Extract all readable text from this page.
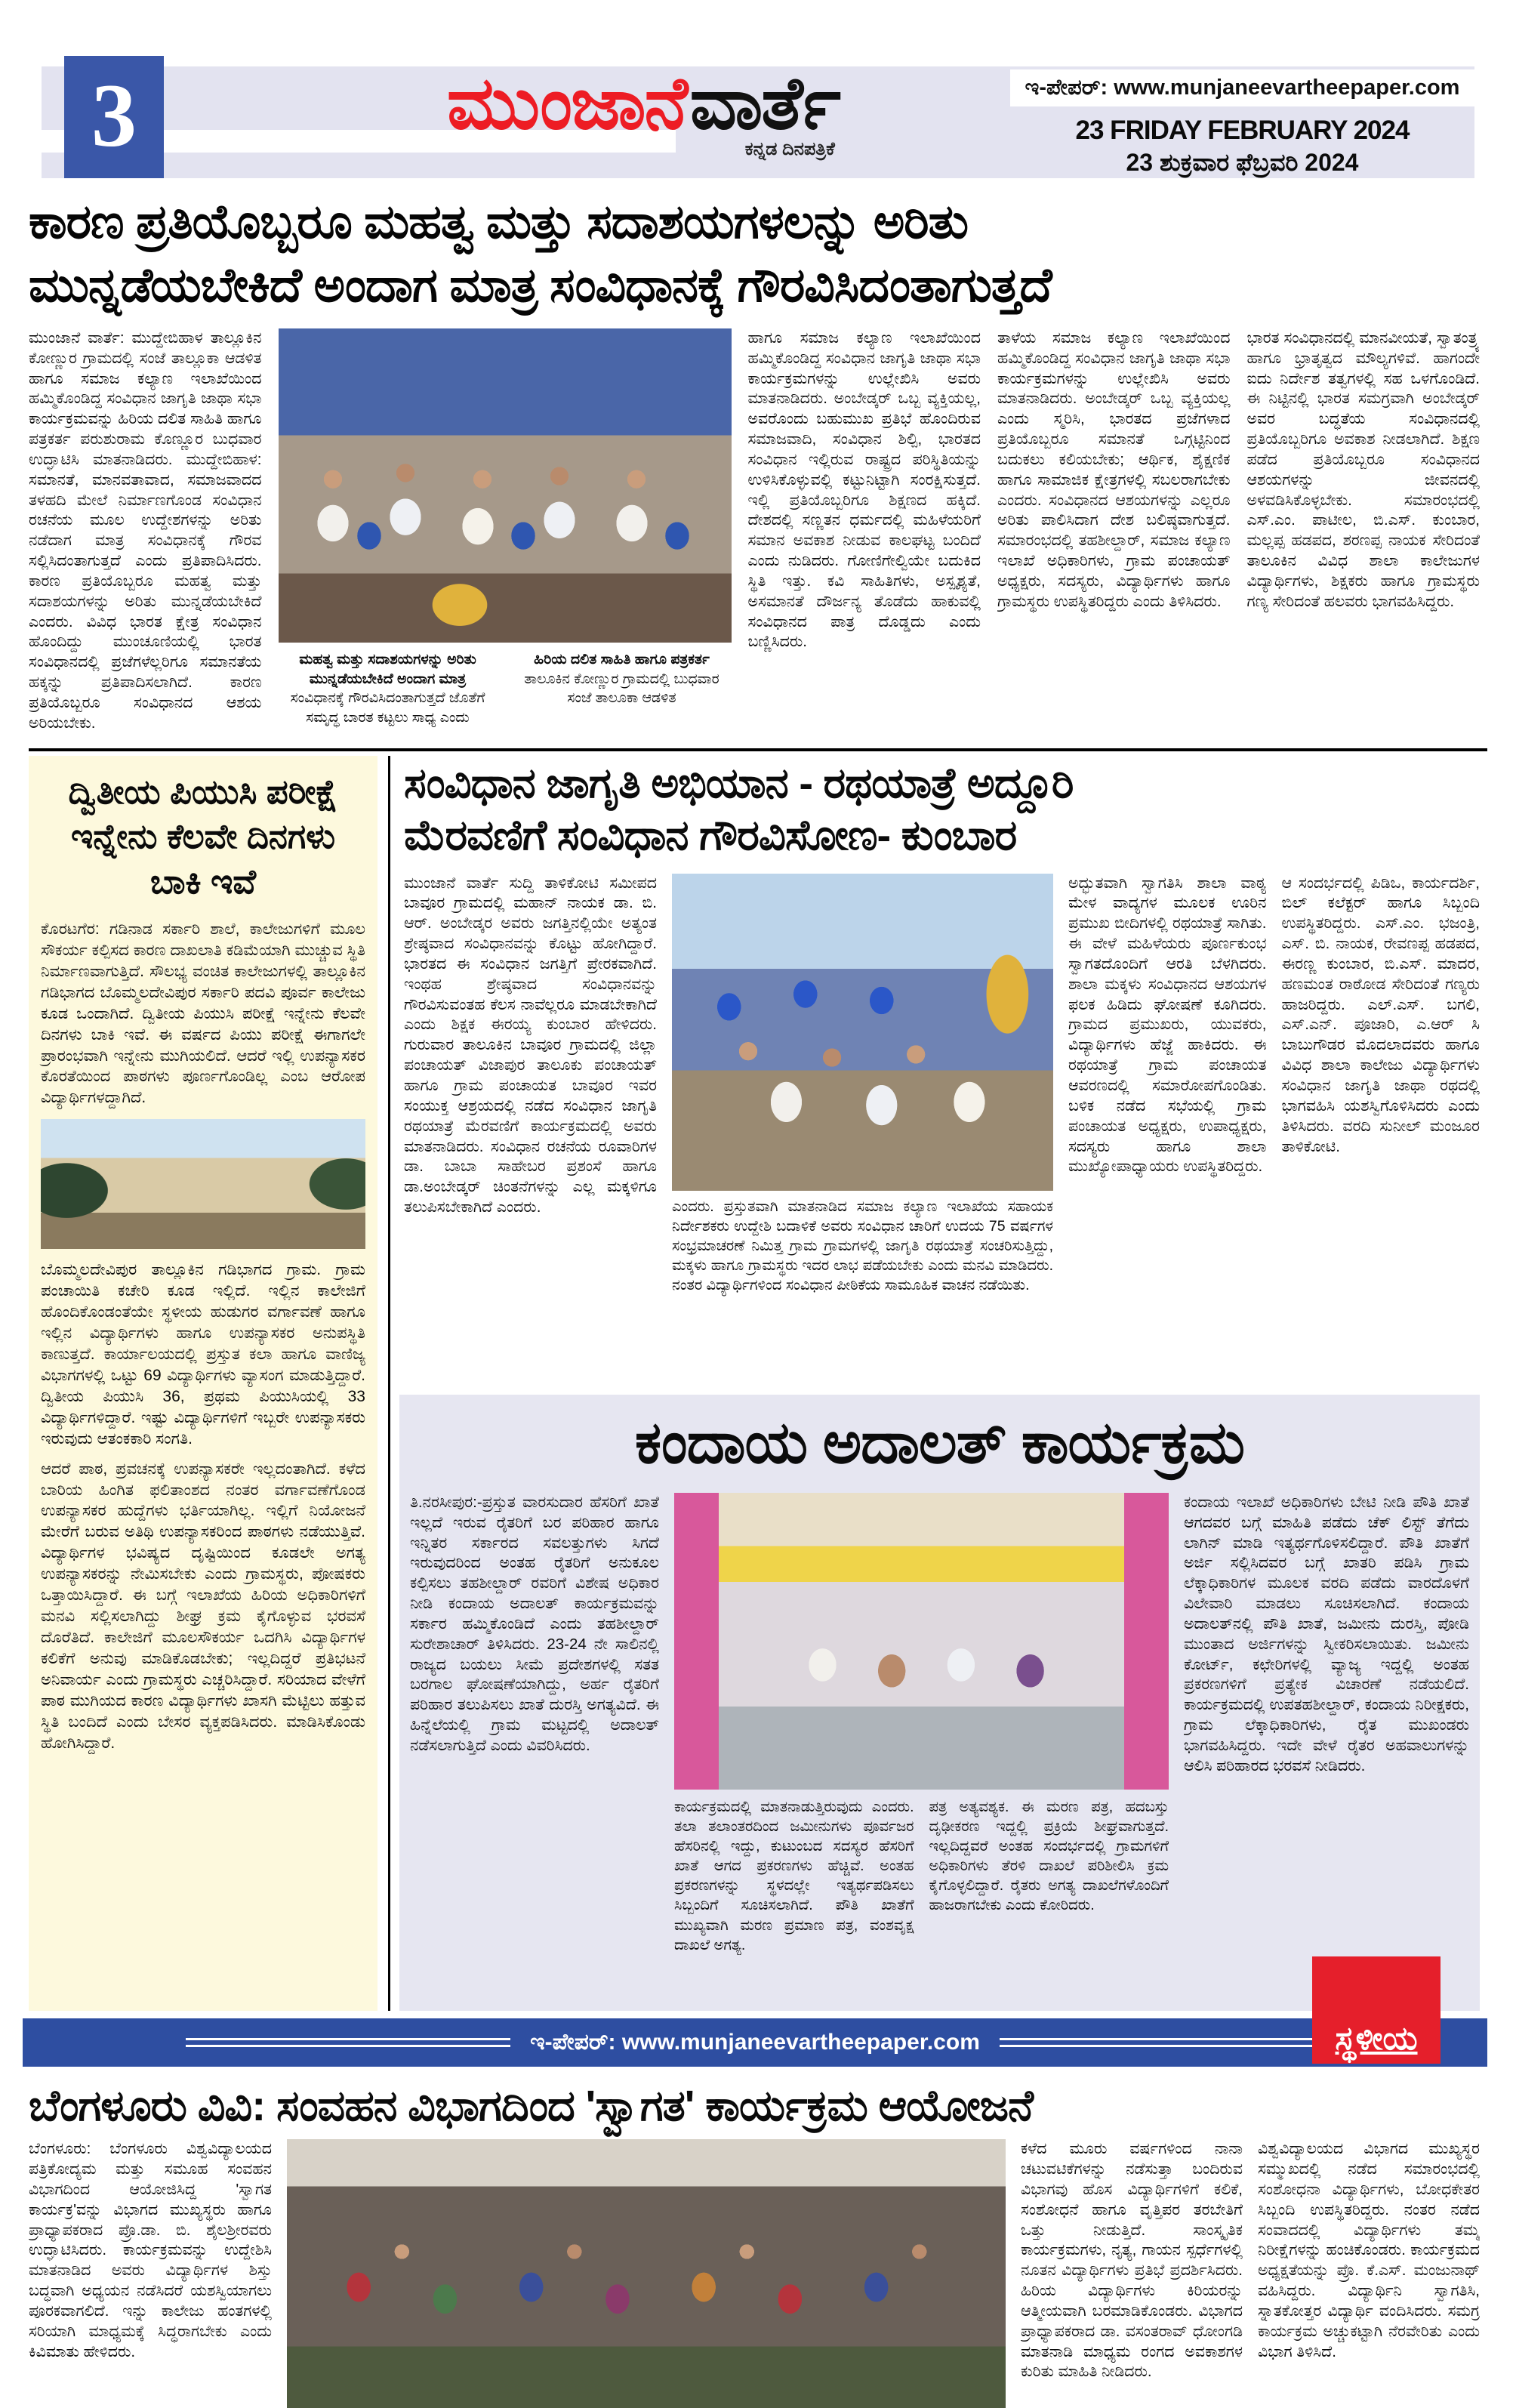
3	ಮುಂಜಾನೆ ವಾರ್ತೆ
ಕನ್ನಡ ದಿನಪತ್ರಿಕೆ
ಇ-ಪೇಪರ್: www.munjaneevartheepaper.com
23 FRIDAY FEBRUARY 2024
23 ಶುಕ್ರವಾರ ಫೆಬ್ರವರಿ 2024
ಕಾರಣ ಪ್ರತಿಯೊಬ್ಬರೂ ಮಹತ್ವ ಮತ್ತು ಸದಾಶಯಗಳಲನ್ನು ಅರಿತು
ಮುನ್ನಡೆಯಬೇಕಿದೆ ಅಂದಾಗ ಮಾತ್ರ ಸಂವಿಧಾನಕ್ಕೆ ಗೌರವಿಸಿದಂತಾಗುತ್ತದೆ
ಮುಂಜಾನೆ ವಾರ್ತೆ: ಮುದ್ದೇಬಿಹಾಳ ತಾಲ್ಲೂಕಿನ ಕೋಣ್ಣುರ ಗ್ರಾಮದಲ್ಲಿ ಸಂಜೆ ತಾಲ್ಲೂಕಾ ಆಡಳಿತ ಹಾಗೂ ಸಮಾಜ ಕಲ್ಯಾಣ ಇಲಾಖೆಯಿಂದ ಹಮ್ಮಿಕೊಂಡಿದ್ದ ಸಂವಿಧಾನ ಜಾಗೃತಿ ಜಾಥಾ ಸಭಾ ಕಾರ್ಯಕ್ರಮವನ್ನು ಹಿರಿಯ ದಲಿತ ಸಾಹಿತಿ ಹಾಗೂ ಪತ್ರಕರ್ತ ಪರುಶುರಾಮ ಕೊಣ್ಣೂರ ಬುಧವಾರ ಉದ್ಘಾಟಿಸಿ ಮಾತನಾಡಿದರು. ಮುದ್ದೇಬಿಹಾಳ: ಸಮಾನತೆ, ಮಾನವತಾವಾದ, ಸಮಾಜವಾದದ ತಳಹದಿ ಮೇಲೆ ನಿರ್ಮಾಣಗೊಂಡ ಸಂವಿಧಾನ ರಚನೆಯ ಮೂಲ ಉದ್ದೇಶಗಳನ್ನು ಅರಿತು ನಡೆದಾಗ ಮಾತ್ರ ಸಂವಿಧಾನಕ್ಕೆ ಗೌರವ ಸಲ್ಲಿಸಿದಂತಾಗುತ್ತದೆ ಎಂದು ಪ್ರತಿಪಾದಿಸಿದರು. ಕಾರಣ ಪ್ರತಿಯೊಬ್ಬರೂ ಮಹತ್ವ ಮತ್ತು ಸದಾಶಯಗಳನ್ನು ಅರಿತು ಮುನ್ನಡೆಯಬೇಕಿದೆ ಎಂದರು. ವಿವಿಧ ಭಾರತ ಕ್ಷೇತ್ರ ಸಂವಿಧಾನ ಹೊಂದಿದ್ದು ಮುಂಚೂಣಿಯಲ್ಲಿ ಭಾರತ ಸಂವಿಧಾನದಲ್ಲಿ ಪ್ರಜೆಗಳೆಲ್ಲರಿಗೂ ಸಮಾನತೆಯ ಹಕ್ಕನ್ನು ಪ್ರತಿಪಾದಿಸಲಾಗಿದೆ. ಕಾರಣ ಪ್ರತಿಯೊಬ್ಬರೂ ಸಂವಿಧಾನದ ಆಶಯ ಅರಿಯಬೇಕು.
ಮಹತ್ವ ಮತ್ತು ಸದಾಶಯಗಳನ್ನು ಅರಿತು ಮುನ್ನಡೆಯಬೇಕಿದೆ ಅಂದಾಗ ಮಾತ್ರ
ಸಂವಿಧಾನಕ್ಕೆ ಗೌರವಿಸಿದಂತಾಗುತ್ತದೆ ಜೊತೆಗೆ ಸಮೃದ್ಧ ಬಾರತ ಕಟ್ಟಲು ಸಾಧ್ಯ ಎಂದು
ಹಿರಿಯ ದಲಿತ ಸಾಹಿತಿ ಹಾಗೂ ಪತ್ರಕರ್ತ
ತಾಲೂಕಿನ ಕೋಣ್ಣುರ ಗ್ರಾಮದಲ್ಲಿ ಬುಧವಾರ ಸಂಜೆ ತಾಲೂಕಾ ಆಡಳಿತ
ಹಾಗೂ ಸಮಾಜ ಕಲ್ಯಾಣ ಇಲಾಖೆಯಿಂದ ಹಮ್ಮಿಕೊಂಡಿದ್ದ ಸಂವಿಧಾನ ಜಾಗೃತಿ ಜಾಥಾ ಸಭಾ ಕಾರ್ಯಕ್ರಮಗಳನ್ನು ಉಲ್ಲೇಖಿಸಿ ಅವರು ಮಾತನಾಡಿದರು. ಅಂಬೇಡ್ಕರ್ ಒಬ್ಬ ವ್ಯಕ್ತಿಯಲ್ಲ, ಅವರೊಂದು ಬಹುಮುಖ ಪ್ರತಿಭೆ ಹೊಂದಿರುವ ಸಮಾಜವಾದಿ, ಸಂವಿಧಾನ ಶಿಲ್ಪಿ, ಭಾರತದ ಸಂವಿಧಾನ ಇಲ್ಲಿರುವ ರಾಷ್ಟ್ರದ ಪರಿಸ್ಥಿತಿಯನ್ನು ಉಳಿಸಿಕೊಳ್ಳುವಲ್ಲಿ ಕಟ್ಟುನಿಟ್ಟಾಗಿ ಸಂರಕ್ಷಿಸುತ್ತದೆ. ಇಲ್ಲಿ ಪ್ರತಿಯೊಬ್ಬರಿಗೂ ಶಿಕ್ಷಣದ ಹಕ್ಕಿದೆ. ದೇಶದಲ್ಲಿ ಸಣ್ಣತನ ಧರ್ಮದಲ್ಲಿ ಮಹಿಳೆಯರಿಗೆ ಸಮಾನ ಅವಕಾಶ ನೀಡುವ ಕಾಲಘಟ್ಟ ಬಂದಿದೆ ಎಂದು ನುಡಿದರು. ಗೋಣಿಗೇಲ್ವಿಯೇ ಬದುಕಿದ ಸ್ಥಿತಿ ಇತ್ತು. ಕವಿ ಸಾಹಿತಿಗಳು, ಅಸ್ಪೃಶ್ಯತೆ, ಅಸಮಾನತೆ ದೌರ್ಜನ್ಯ ತೊಡೆದು ಹಾಕುವಲ್ಲಿ ಸಂವಿಧಾನದ ಪಾತ್ರ ದೊಡ್ಡದು ಎಂದು ಬಣ್ಣಿಸಿದರು.
ತಾಳೆಯ ಸಮಾಜ ಕಲ್ಯಾಣ ಇಲಾಖೆಯಿಂದ ಹಮ್ಮಿಕೊಂಡಿದ್ದ ಸಂವಿಧಾನ ಜಾಗೃತಿ ಜಾಥಾ ಸಭಾ ಕಾರ್ಯಕ್ರಮಗಳನ್ನು ಉಲ್ಲೇಖಿಸಿ ಅವರು ಮಾತನಾಡಿದರು. ಅಂಬೇಡ್ಕರ್ ಒಬ್ಬ ವ್ಯಕ್ತಿಯಲ್ಲ ಎಂದು ಸ್ಮರಿಸಿ, ಭಾರತದ ಪ್ರಜೆಗಳಾದ ಪ್ರತಿಯೊಬ್ಬರೂ ಸಮಾನತೆ ಒಗ್ಗಟ್ಟಿನಿಂದ ಬದುಕಲು ಕಲಿಯಬೇಕು; ಆರ್ಥಿಕ, ಶೈಕ್ಷಣಿಕ ಹಾಗೂ ಸಾಮಾಜಿಕ ಕ್ಷೇತ್ರಗಳಲ್ಲಿ ಸಬಲರಾಗಬೇಕು ಎಂದರು. ಸಂವಿಧಾನದ ಆಶಯಗಳನ್ನು ಎಲ್ಲರೂ ಅರಿತು ಪಾಲಿಸಿದಾಗ ದೇಶ ಬಲಿಷ್ಠವಾಗುತ್ತದೆ. ಸಮಾರಂಭದಲ್ಲಿ ತಹಶೀಲ್ದಾರ್, ಸಮಾಜ ಕಲ್ಯಾಣ ಇಲಾಖೆ ಅಧಿಕಾರಿಗಳು, ಗ್ರಾಮ ಪಂಚಾಯತ್ ಅಧ್ಯಕ್ಷರು, ಸದಸ್ಯರು, ವಿದ್ಯಾರ್ಥಿಗಳು ಹಾಗೂ ಗ್ರಾಮಸ್ಥರು ಉಪಸ್ಥಿತರಿದ್ದರು ಎಂದು ತಿಳಿಸಿದರು.
ಭಾರತ ಸಂವಿಧಾನದಲ್ಲಿ ಮಾನವೀಯತೆ, ಸ್ವಾತಂತ್ರ್ಯ ಹಾಗೂ ಭ್ರಾತೃತ್ವದ ಮೌಲ್ಯಗಳಿವೆ. ಹಾಗಂದೇ ಐದು ನಿರ್ದೇಶ ತತ್ವಗಳಲ್ಲಿ ಸಹ ಒಳಗೊಂಡಿದೆ. ಈ ನಿಟ್ಟಿನಲ್ಲಿ ಭಾರತ ಸಮಗ್ರವಾಗಿ ಅಂಬೇಡ್ಕರ್ ಅವರ ಬದ್ಧತೆಯ ಸಂವಿಧಾನದಲ್ಲಿ ಪ್ರತಿಯೊಬ್ಬರಿಗೂ ಅವಕಾಶ ನೀಡಲಾಗಿದೆ. ಶಿಕ್ಷಣ ಪಡೆದ ಪ್ರತಿಯೊಬ್ಬರೂ ಸಂವಿಧಾನದ ಆಶಯಗಳನ್ನು ಜೀವನದಲ್ಲಿ ಅಳವಡಿಸಿಕೊಳ್ಳಬೇಕು. ಸಮಾರಂಭದಲ್ಲಿ ಎಸ್.ಎಂ. ಪಾಟೀಲ, ಬಿ.ಎಸ್. ಕುಂಬಾರ, ಮಲ್ಲಪ್ಪ ಹಡಪದ, ಶರಣಪ್ಪ ನಾಯಕ ಸೇರಿದಂತೆ ತಾಲೂಕಿನ ವಿವಿಧ ಶಾಲಾ ಕಾಲೇಜುಗಳ ವಿದ್ಯಾರ್ಥಿಗಳು, ಶಿಕ್ಷಕರು ಹಾಗೂ ಗ್ರಾಮಸ್ಥರು ಗಣ್ಯ ಸೇರಿದಂತೆ ಹಲವರು ಭಾಗವಹಿಸಿದ್ದರು.
ದ್ವಿತೀಯ ಪಿಯುಸಿ ಪರೀಕ್ಷೆ ಇನ್ನೇನು ಕೆಲವೇ ದಿನಗಳು ಬಾಕಿ ಇವೆ
ಕೊರಟಗೆರ: ಗಡಿನಾಡ ಸರ್ಕಾರಿ ಶಾಲೆ, ಕಾಲೇಜುಗಳಿಗೆ ಮೂಲ ಸೌಕರ್ಯ ಕಲ್ಪಿಸದ ಕಾರಣ ದಾಖಲಾತಿ ಕಡಿಮೆಯಾಗಿ ಮುಚ್ಚುವ ಸ್ಥಿತಿ ನಿರ್ಮಾಣವಾಗುತ್ತಿದೆ. ಸೌಲಭ್ಯ ವಂಚಿತ ಕಾಲೇಜುಗಳಲ್ಲಿ ತಾಲ್ಲೂಕಿನ ಗಡಿಭಾಗದ ಬೊಮ್ಮಲದೇವಿಪುರ ಸರ್ಕಾರಿ ಪದವಿ ಪೂರ್ವ ಕಾಲೇಜು ಕೂಡ ಒಂದಾಗಿದೆ. ದ್ವಿತೀಯ ಪಿಯುಸಿ ಪರೀಕ್ಷೆ ಇನ್ನೇನು ಕೆಲವೇ ದಿನಗಳು ಬಾಕಿ ಇವೆ. ಈ ವರ್ಷದ ಪಿಯು ಪರೀಕ್ಷೆ ಈಗಾಗಲೇ ಪ್ರಾರಂಭವಾಗಿ ಇನ್ನೇನು ಮುಗಿಯಲಿದೆ. ಆದರೆ ಇಲ್ಲಿ ಉಪನ್ಯಾಸಕರ ಕೊರತೆಯಿಂದ ಪಾಠಗಳು ಪೂರ್ಣಗೊಂಡಿಲ್ಲ ಎಂಬ ಆರೋಪ ವಿದ್ಯಾರ್ಥಿಗಳದ್ದಾಗಿದೆ.
ಬೊಮ್ಮಲದೇವಿಪುರ ತಾಲ್ಲೂಕಿನ ಗಡಿಭಾಗದ ಗ್ರಾಮ. ಗ್ರಾಮ ಪಂಚಾಯಿತಿ ಕಚೇರಿ ಕೂಡ ಇಲ್ಲಿದೆ. ಇಲ್ಲಿನ ಕಾಲೇಜಿಗೆ ಹೊಂದಿಕೊಂಡಂತೆಯೇ ಸ್ಥಳೀಯ ಹುಡುಗರ ವರ್ಗಾವಣೆ ಹಾಗೂ ಇಲ್ಲಿನ ವಿದ್ಯಾರ್ಥಿಗಳು ಹಾಗೂ ಉಪನ್ಯಾಸಕರ ಅನುಪಸ್ಥಿತಿ ಕಾಣುತ್ತದೆ. ಕಾರ್ಯಾಲಯದಲ್ಲಿ ಪ್ರಸ್ತುತ ಕಲಾ ಹಾಗೂ ವಾಣಿಜ್ಯ ವಿಭಾಗಗಳಲ್ಲಿ ಒಟ್ಟು 69 ವಿದ್ಯಾರ್ಥಿಗಳು ವ್ಯಾಸಂಗ ಮಾಡುತ್ತಿದ್ದಾರೆ. ದ್ವಿತೀಯ ಪಿಯುಸಿ 36, ಪ್ರಥಮ ಪಿಯುಸಿಯಲ್ಲಿ 33 ವಿದ್ಯಾರ್ಥಿಗಳಿದ್ದಾರೆ. ಇಷ್ಟು ವಿದ್ಯಾರ್ಥಿಗಳಿಗೆ ಇಬ್ಬರೇ ಉಪನ್ಯಾಸಕರು ಇರುವುದು ಆತಂಕಕಾರಿ ಸಂಗತಿ.
ಆದರೆ ಪಾಠ, ಪ್ರವಚನಕ್ಕೆ ಉಪನ್ಯಾಸಕರೇ ಇಲ್ಲದಂತಾಗಿದೆ. ಕಳೆದ ಬಾರಿಯ ಹಿಂಗಿತ ಫಲಿತಾಂಶದ ನಂತರ ವರ್ಗಾವಣೆಗೊಂಡ ಉಪನ್ಯಾಸಕರ ಹುದ್ದೆಗಳು ಭರ್ತಿಯಾಗಿಲ್ಲ. ಇಲ್ಲಿಗೆ ನಿಯೋಜನೆ ಮೇರೆಗೆ ಬರುವ ಅತಿಥಿ ಉಪನ್ಯಾಸಕರಿಂದ ಪಾಠಗಳು ನಡೆಯುತ್ತಿವೆ. ವಿದ್ಯಾರ್ಥಿಗಳ ಭವಿಷ್ಯದ ದೃಷ್ಟಿಯಿಂದ ಕೂಡಲೇ ಅಗತ್ಯ ಉಪನ್ಯಾಸಕರನ್ನು ನೇಮಿಸಬೇಕು ಎಂದು ಗ್ರಾಮಸ್ಥರು, ಪೋಷಕರು ಒತ್ತಾಯಿಸಿದ್ದಾರೆ. ಈ ಬಗ್ಗೆ ಇಲಾಖೆಯ ಹಿರಿಯ ಅಧಿಕಾರಿಗಳಿಗೆ ಮನವಿ ಸಲ್ಲಿಸಲಾಗಿದ್ದು ಶೀಘ್ರ ಕ್ರಮ ಕೈಗೊಳ್ಳುವ ಭರವಸೆ ದೊರೆತಿದೆ. ಕಾಲೇಜಿಗೆ ಮೂಲಸೌಕರ್ಯ ಒದಗಿಸಿ ವಿದ್ಯಾರ್ಥಿಗಳ ಕಲಿಕೆಗೆ ಅನುವು ಮಾಡಿಕೊಡಬೇಕು; ಇಲ್ಲದಿದ್ದರೆ ಪ್ರತಿಭಟನೆ ಅನಿವಾರ್ಯ ಎಂದು ಗ್ರಾಮಸ್ಥರು ಎಚ್ಚರಿಸಿದ್ದಾರೆ. ಸರಿಯಾದ ವೇಳೆಗೆ ಪಾಠ ಮುಗಿಯದ ಕಾರಣ ವಿದ್ಯಾರ್ಥಿಗಳು ಖಾಸಗಿ ಮೆಟ್ಟಿಲು ಹತ್ತುವ ಸ್ಥಿತಿ ಬಂದಿದೆ ಎಂದು ಬೇಸರ ವ್ಯಕ್ತಪಡಿಸಿದರು. ಮಾಡಿಸಿಕೊಂಡು ಹೋಗಿಸಿದ್ದಾರೆ.
ಸಂವಿಧಾನ ಜಾಗೃತಿ ಅಭಿಯಾನ - ರಥಯಾತ್ರೆ ಅದ್ದೂರಿ
ಮೆರವಣಿಗೆ ಸಂವಿಧಾನ ಗೌರವಿಸೋಣ- ಕುಂಬಾರ
ಮುಂಜಾನೆ ವಾರ್ತೆ ಸುದ್ದಿ ತಾಳಿಕೋಟಿ ಸಮೀಪದ ಬಾವೂರ ಗ್ರಾಮದಲ್ಲಿ ಮಹಾನ್ ನಾಯಕ ಡಾ. ಬಿ. ಆರ್. ಅಂಬೇಡ್ಕರ ಅವರು ಜಗತ್ತಿನಲ್ಲಿಯೇ ಅತ್ಯಂತ ಶ್ರೇಷ್ಠವಾದ ಸಂವಿಧಾನವನ್ನು ಕೊಟ್ಟು ಹೋಗಿದ್ದಾರೆ. ಭಾರತದ ಈ ಸಂವಿಧಾನ ಜಗತ್ತಿಗೆ ಪ್ರೇರಕವಾಗಿದೆ. ಇಂಥಹ ಶ್ರೇಷ್ಠವಾದ ಸಂವಿಧಾನವನ್ನು ಗೌರವಿಸುವಂತಹ ಕೆಲಸ ನಾವೆಲ್ಲರೂ ಮಾಡಬೇಕಾಗಿದೆ ಎಂದು ಶಿಕ್ಷಕ ಈರಯ್ಯ ಕುಂಬಾರ ಹೇಳಿದರು. ಗುರುವಾರ ತಾಲೂಕಿನ ಬಾವೂರ ಗ್ರಾಮದಲ್ಲಿ ಜಿಲ್ಲಾ ಪಂಚಾಯತ್ ವಿಜಾಪುರ ತಾಲೂಕು ಪಂಚಾಯತ್ ಹಾಗೂ ಗ್ರಾಮ ಪಂಚಾಯತ ಬಾವೂರ ಇವರ ಸಂಯುಕ್ತ ಆಶ್ರಯದಲ್ಲಿ ನಡೆದ ಸಂವಿಧಾನ ಜಾಗೃತಿ ರಥಯಾತ್ರೆ ಮೆರವಣಿಗೆ ಕಾರ್ಯಕ್ರಮದಲ್ಲಿ ಅವರು ಮಾತನಾಡಿದರು. ಸಂವಿಧಾನ ರಚನೆಯ ರೂವಾರಿಗಳ ಡಾ. ಬಾಬಾ ಸಾಹೇಬರ ಪ್ರಶಂಸೆ ಹಾಗೂ ಡಾ.ಅಂಬೇಡ್ಕರ್ ಚಿಂತನೆಗಳನ್ನು ಎಲ್ಲ ಮಕ್ಕಳಿಗೂ ತಲುಪಿಸಬೇಕಾಗಿದೆ ಎಂದರು.	ಎಂದರು. ಪ್ರಸ್ತುತವಾಗಿ ಮಾತನಾಡಿದ ಸಮಾಜ ಕಲ್ಯಾಣ ಇಲಾಖೆಯ ಸಹಾಯಕ ನಿರ್ದೇಶಕರು ಉದ್ದೇಶಿ ಬದಾಳಿಕೆ ಅವರು ಸಂವಿಧಾನ ಚಾರಿಗೆ ಉದಯ 75 ವರ್ಷಗಳ ಸಂಭ್ರಮಾಚರಣೆ ನಿಮಿತ್ತ ಗ್ರಾಮ ಗ್ರಾಮಗಳಲ್ಲಿ ಜಾಗೃತಿ ರಥಯಾತ್ರೆ ಸಂಚರಿಸುತ್ತಿದ್ದು, ಮಕ್ಕಳು ಹಾಗೂ ಗ್ರಾಮಸ್ಥರು ಇದರ ಲಾಭ ಪಡೆಯಬೇಕು ಎಂದು ಮನವಿ ಮಾಡಿದರು. ನಂತರ ವಿದ್ಯಾರ್ಥಿಗಳಿಂದ ಸಂವಿಧಾನ ಪೀಠಿಕೆಯ ಸಾಮೂಹಿಕ ವಾಚನ ನಡೆಯಿತು.
ಅದ್ಭುತವಾಗಿ ಸ್ವಾಗತಿಸಿ ಶಾಲಾ ವಾಠ್ಯ ಮೇಳ ವಾದ್ಯಗಳ ಮೂಲಕ ಊರಿನ ಪ್ರಮುಖ ಬೀದಿಗಳಲ್ಲಿ ರಥಯಾತ್ರೆ ಸಾಗಿತು. ಈ ವೇಳೆ ಮಹಿಳೆಯರು ಪೂರ್ಣಕುಂಭ ಸ್ವಾಗತದೊಂದಿಗೆ ಆರತಿ ಬೆಳಗಿದರು. ಶಾಲಾ ಮಕ್ಕಳು ಸಂವಿಧಾನದ ಆಶಯಗಳ ಫಲಕ ಹಿಡಿದು ಘೋಷಣೆ ಕೂಗಿದರು. ಗ್ರಾಮದ ಪ್ರಮುಖರು, ಯುವಕರು, ವಿದ್ಯಾರ್ಥಿಗಳು ಹೆಜ್ಜೆ ಹಾಕಿದರು. ಈ ರಥಯಾತ್ರೆ ಗ್ರಾಮ ಪಂಚಾಯತ ಆವರಣದಲ್ಲಿ ಸಮಾರೋಪಗೊಂಡಿತು. ಬಳಿಕ ನಡೆದ ಸಭೆಯಲ್ಲಿ ಗ್ರಾಮ ಪಂಚಾಯತ ಅಧ್ಯಕ್ಷರು, ಉಪಾಧ್ಯಕ್ಷರು, ಸದಸ್ಯರು ಹಾಗೂ ಶಾಲಾ ಮುಖ್ಯೋಪಾಧ್ಯಾಯರು ಉಪಸ್ಥಿತರಿದ್ದರು.
ಆ ಸಂದರ್ಭದಲ್ಲಿ ಪಿಡಿಒ, ಕಾರ್ಯದರ್ಶಿ, ಬಿಲ್ ಕಲೆಕ್ಟರ್ ಹಾಗೂ ಸಿಬ್ಬಂದಿ ಉಪಸ್ಥಿತರಿದ್ದರು. ಎಸ್.ಎಂ. ಭಜಂತ್ರಿ, ಎಸ್. ಬಿ. ನಾಯಕ, ರೇವಣಪ್ಪ ಹಡಪದ, ಈರಣ್ಣ ಕುಂಬಾರ, ಬಿ.ಎಸ್. ಮಾದರ, ಹಣಮಂತ ರಾಠೋಡ ಸೇರಿದಂತೆ ಗಣ್ಯರು ಹಾಜರಿದ್ದರು. ಎಲ್.ಎಸ್. ಬಗಲಿ, ಎಸ್.ಎನ್. ಪೂಜಾರಿ, ಎ.ಆರ್ ಸಿ ಬಾಬುಗೌಡರ ಮೊದಲಾದವರು ಹಾಗೂ ವಿವಿಧ ಶಾಲಾ ಕಾಲೇಜು ವಿದ್ಯಾರ್ಥಿಗಳು ಸಂವಿಧಾನ ಜಾಗೃತಿ ಜಾಥಾ ರಥದಲ್ಲಿ ಭಾಗವಹಿಸಿ ಯಶಸ್ವಿಗೊಳಿಸಿದರು ಎಂದು ತಿಳಿಸಿದರು. ವರದಿ ಸುನೀಲ್ ಮಂಜೂರ ತಾಳಿಕೋಟಿ.
ಕಂದಾಯ ಅದಾಲತ್ ಕಾರ್ಯಕ್ರಮ
ತಿ.ನರಸೀಪುರ:-ಪ್ರಸ್ತುತ ವಾರಸುದಾರ ಹೆಸರಿಗೆ ಖಾತೆ ಇಲ್ಲದೆ ಇರುವ ರೈತರಿಗೆ ಬರ ಪರಿಹಾರ ಹಾಗೂ ಇನ್ನಿತರ ಸರ್ಕಾರದ ಸವಲತ್ತುಗಳು ಸಿಗದೆ ಇರುವುದರಿಂದ ಅಂತಹ ರೈತರಿಗೆ ಅನುಕೂಲ ಕಲ್ಪಿಸಲು ತಹಶೀಲ್ದಾರ್ ರವರಿಗೆ ವಿಶೇಷ ಅಧಿಕಾರ ನೀಡಿ ಕಂದಾಯ ಅದಾಲತ್ ಕಾರ್ಯಕ್ರಮವನ್ನು ಸರ್ಕಾರ ಹಮ್ಮಿಕೊಂಡಿದೆ ಎಂದು ತಹಶೀಲ್ದಾರ್ ಸುರೇಶಾಚಾರ್ ತಿಳಿಸಿದರು. 23-24 ನೇ ಸಾಲಿನಲ್ಲಿ ರಾಜ್ಯದ ಬಯಲು ಸೀಮೆ ಪ್ರದೇಶಗಳಲ್ಲಿ ಸತತ ಬರಗಾಲ ಘೋಷಣೆಯಾಗಿದ್ದು, ಅರ್ಹ ರೈತರಿಗೆ ಪರಿಹಾರ ತಲುಪಿಸಲು ಖಾತೆ ದುರಸ್ತಿ ಅಗತ್ಯವಿದೆ. ಈ ಹಿನ್ನೆಲೆಯಲ್ಲಿ ಗ್ರಾಮ ಮಟ್ಟದಲ್ಲಿ ಅದಾಲತ್ ನಡೆಸಲಾಗುತ್ತಿದೆ ಎಂದು ವಿವರಿಸಿದರು.
ಕಾರ್ಯಕ್ರಮದಲ್ಲಿ ಮಾತನಾಡುತ್ತಿರುವುದು ಎಂದರು. ತಲಾ ತಲಾಂತರದಿಂದ ಜಮೀನುಗಳು ಪೂರ್ವಜರ ಹೆಸರಿನಲ್ಲಿ ಇದ್ದು, ಕುಟುಂಬದ ಸದಸ್ಯರ ಹೆಸರಿಗೆ ಖಾತೆ ಆಗದ ಪ್ರಕರಣಗಳು ಹೆಚ್ಚಿವೆ. ಅಂತಹ ಪ್ರಕರಣಗಳನ್ನು ಸ್ಥಳದಲ್ಲೇ ಇತ್ಯರ್ಥಪಡಿಸಲು ಸಿಬ್ಬಂದಿಗೆ ಸೂಚಿಸಲಾಗಿದೆ. ಪೌತಿ ಖಾತೆಗೆ ಮುಖ್ಯವಾಗಿ ಮರಣ ಪ್ರಮಾಣ ಪತ್ರ, ವಂಶವೃಕ್ಷ ದಾಖಲೆ ಅಗತ್ಯ.
ಪತ್ರ ಅತ್ಯವಶ್ಯಕ. ಈ ಮರಣ ಪತ್ರ, ಹದಬಸ್ತು ದೃಢೀಕರಣ ಇದ್ದಲ್ಲಿ ಪ್ರಕ್ರಿಯೆ ಶೀಘ್ರವಾಗುತ್ತದೆ. ಇಲ್ಲದಿದ್ದವರೆ ಅಂತಹ ಸಂದರ್ಭದಲ್ಲಿ ಗ್ರಾಮಗಳಿಗೆ ಅಧಿಕಾರಿಗಳು ತೆರಳಿ ದಾಖಲೆ ಪರಿಶೀಲಿಸಿ ಕ್ರಮ ಕೈಗೊಳ್ಳಲಿದ್ದಾರೆ. ರೈತರು ಅಗತ್ಯ ದಾಖಲೆಗಳೊಂದಿಗೆ ಹಾಜರಾಗಬೇಕು ಎಂದು ಕೋರಿದರು.
ಕಂದಾಯ ಇಲಾಖೆ ಅಧಿಕಾರಿಗಳು ಬೇಟಿ ನೀಡಿ ಪೌತಿ ಖಾತೆ ಆಗದವರ ಬಗ್ಗೆ ಮಾಹಿತಿ ಪಡೆದು ಚೆಕ್ ಲಿಸ್ಟ್ ತೆಗೆದು ಲಾಗಿನ್ ಮಾಡಿ ಇತ್ಯರ್ಥಗೊಳಿಸಲಿದ್ದಾರೆ. ಪೌತಿ ಖಾತೆಗೆ ಅರ್ಜಿ ಸಲ್ಲಿಸಿದವರ ಬಗ್ಗೆ ಖಾತರಿ ಪಡಿಸಿ ಗ್ರಾಮ ಲೆಕ್ಕಾಧಿಕಾರಿಗಳ ಮೂಲಕ ವರದಿ ಪಡೆದು ವಾರದೊಳಗೆ ವಿಲೇವಾರಿ ಮಾಡಲು ಸೂಚಿಸಲಾಗಿದೆ. ಕಂದಾಯ ಅದಾಲತ್‌ನಲ್ಲಿ ಪೌತಿ ಖಾತೆ, ಜಮೀನು ದುರಸ್ತಿ, ಪೋಡಿ ಮುಂತಾದ ಅರ್ಜಿಗಳನ್ನು ಸ್ವೀಕರಿಸಲಾಯಿತು. ಜಮೀನು ಕೋರ್ಟ್, ಕಛೇರಿಗಳಲ್ಲಿ ವ್ಯಾಜ್ಯ ಇದ್ದಲ್ಲಿ ಅಂತಹ ಪ್ರಕರಣಗಳಿಗೆ ಪ್ರತ್ಯೇಕ ವಿಚಾರಣೆ ನಡೆಯಲಿದೆ. ಕಾರ್ಯಕ್ರಮದಲ್ಲಿ ಉಪತಹಶೀಲ್ದಾರ್, ಕಂದಾಯ ನಿರೀಕ್ಷಕರು, ಗ್ರಾಮ ಲೆಕ್ಕಾಧಿಕಾರಿಗಳು, ರೈತ ಮುಖಂಡರು ಭಾಗವಹಿಸಿದ್ದರು. ಇದೇ ವೇಳೆ ರೈತರ ಅಹವಾಲುಗಳನ್ನು ಆಲಿಸಿ ಪರಿಹಾರದ ಭರವಸೆ ನೀಡಿದರು.
ಇ-ಪೇಪರ್: www.munjaneevartheepaper.com	ಸ್ಥಳೀಯ
ಬೆಂಗಳೂರು ವಿವಿ: ಸಂವಹನ ವಿಭಾಗದಿಂದ 'ಸ್ವಾಗತ' ಕಾರ್ಯಕ್ರಮ ಆಯೋಜನೆ
ಬೆಂಗಳೂರು: ಬೆಂಗಳೂರು ವಿಶ್ವವಿದ್ಯಾಲಯದ ಪತ್ರಿಕೋದ್ಯಮ ಮತ್ತು ಸಮೂಹ ಸಂವಹನ ವಿಭಾಗದಿಂದ ಆಯೋಜಿಸಿದ್ದ 'ಸ್ವಾಗತ ಕಾರ್ಯಕ್ರ'ವನ್ನು ವಿಭಾಗದ ಮುಖ್ಯಸ್ಥರು ಹಾಗೂ ಪ್ರಾಧ್ಯಾಪಕರಾದ ಪ್ರೊ.ಡಾ. ಬಿ. ಶೈಲಶ್ರೀರವರು ಉದ್ಘಾಟಿಸಿದರು. ಕಾರ್ಯಕ್ರಮವನ್ನು ಉದ್ದೇಶಿಸಿ ಮಾತನಾಡಿದ ಅವರು ವಿದ್ಯಾರ್ಥಿಗಳ ಶಿಸ್ತು ಬದ್ಧವಾಗಿ ಅಧ್ಯಯನ ನಡೆಸಿದರೆ ಯಶಸ್ವಿಯಾಗಲು ಪೂರಕವಾಗಲಿದೆ. ಇನ್ನು ಕಾಲೇಜು ಹಂತಗಳಲ್ಲಿ ಸರಿಯಾಗಿ ಮಾಧ್ಯಮಕ್ಕೆ ಸಿದ್ಧರಾಗಬೇಕು ಎಂದು ಕಿವಿಮಾತು ಹೇಳಿದರು.
ಕಳೆದ ಮೂರು ವರ್ಷಗಳಿಂದ ನಾನಾ ಚಟುವಟಿಕೆಗಳನ್ನು ನಡೆಸುತ್ತಾ ಬಂದಿರುವ ವಿಭಾಗವು ಹೊಸ ವಿದ್ಯಾರ್ಥಿಗಳಿಗೆ ಕಲಿಕೆ, ಸಂಶೋಧನೆ ಹಾಗೂ ವೃತ್ತಿಪರ ತರಬೇತಿಗೆ ಒತ್ತು ನೀಡುತ್ತಿದೆ. ಸಾಂಸ್ಕೃತಿಕ ಕಾರ್ಯಕ್ರಮಗಳು, ನೃತ್ಯ, ಗಾಯನ ಸ್ಪರ್ಧೆಗಳಲ್ಲಿ ನೂತನ ವಿದ್ಯಾರ್ಥಿಗಳು ಪ್ರತಿಭೆ ಪ್ರದರ್ಶಿಸಿದರು. ಹಿರಿಯ ವಿದ್ಯಾರ್ಥಿಗಳು ಕಿರಿಯರನ್ನು ಆತ್ಮೀಯವಾಗಿ ಬರಮಾಡಿಕೊಂಡರು. ವಿಭಾಗದ ಪ್ರಾಧ್ಯಾಪಕರಾದ ಡಾ. ವಸಂತರಾವ್ ಧೋಂಗಡಿ ಮಾತನಾಡಿ ಮಾಧ್ಯಮ ರಂಗದ ಅವಕಾಶಗಳ ಕುರಿತು ಮಾಹಿತಿ ನೀಡಿದರು.
ವಿಶ್ವವಿದ್ಯಾಲಯದ ವಿಭಾಗದ ಮುಖ್ಯಸ್ಥರ ಸಮ್ಮುಖದಲ್ಲಿ ನಡೆದ ಸಮಾರಂಭದಲ್ಲಿ ಸಂಶೋಧನಾ ವಿದ್ಯಾರ್ಥಿಗಳು, ಬೋಧಕೇತರ ಸಿಬ್ಬಂದಿ ಉಪಸ್ಥಿತರಿದ್ದರು. ನಂತರ ನಡೆದ ಸಂವಾದದಲ್ಲಿ ವಿದ್ಯಾರ್ಥಿಗಳು ತಮ್ಮ ನಿರೀಕ್ಷೆಗಳನ್ನು ಹಂಚಿಕೊಂಡರು. ಕಾರ್ಯಕ್ರಮದ ಅಧ್ಯಕ್ಷತೆಯನ್ನು ಪ್ರೊ. ಕೆ.ಎಸ್. ಮಂಜುನಾಥ್ ವಹಿಸಿದ್ದರು. ವಿದ್ಯಾರ್ಥಿನಿ ಸ್ವಾಗತಿಸಿ, ಸ್ನಾತಕೋತ್ತರ ವಿದ್ಯಾರ್ಥಿ ವಂದಿಸಿದರು. ಸಮಗ್ರ ಕಾರ್ಯಕ್ರಮ ಅಚ್ಚುಕಟ್ಟಾಗಿ ನೆರವೇರಿತು ಎಂದು ವಿಭಾಗ ತಿಳಿಸಿದೆ.
